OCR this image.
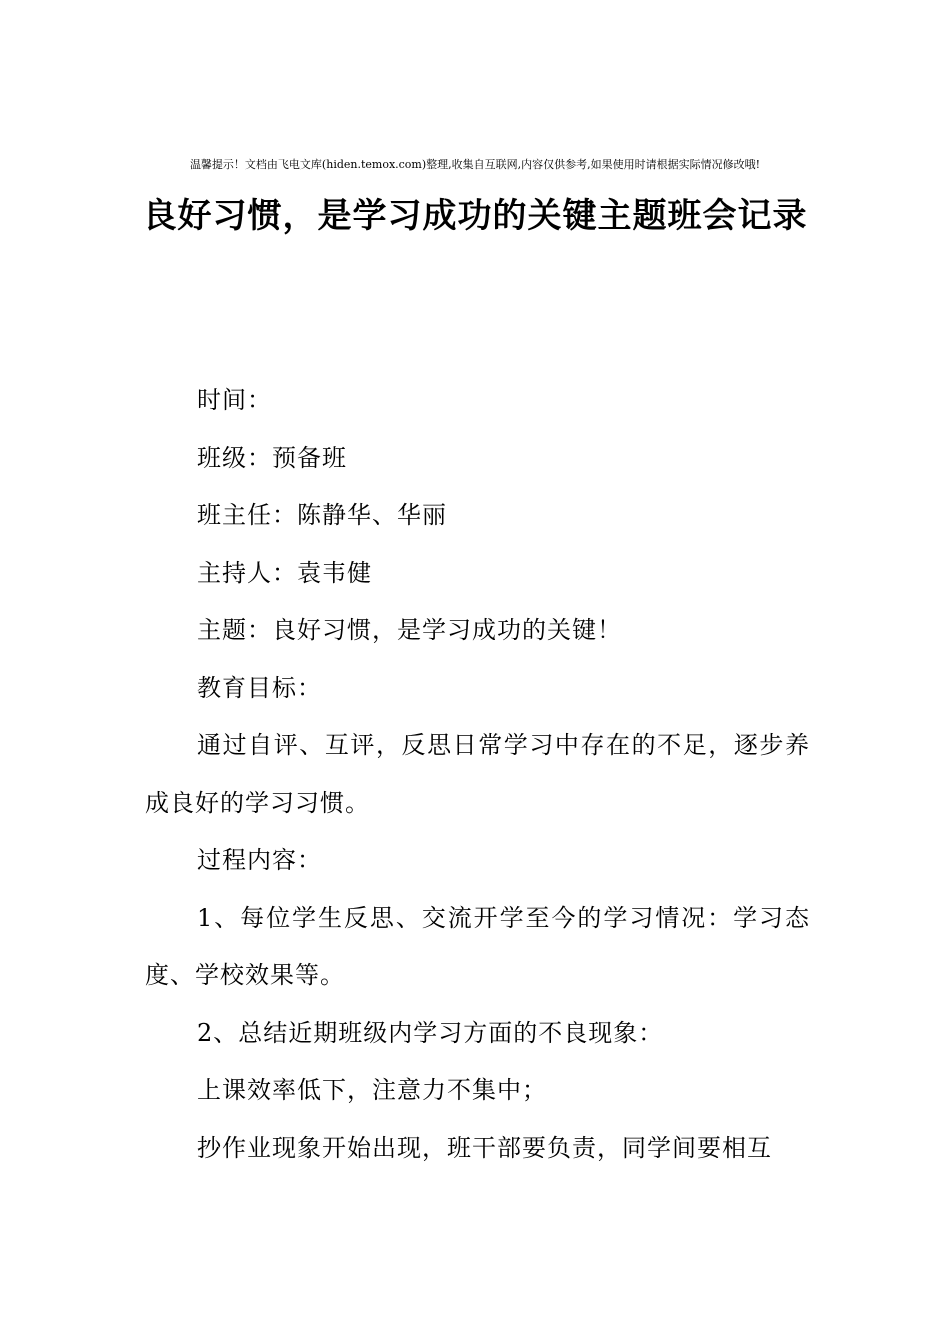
温馨提示！文档由飞电文库(hiden.temox.com)整理,收集自互联网,内容仅供参考,如果使用时请根据实际情况修改哦!
良好习惯，是学习成功的关键主题班会记录

时间：

班级：预备班

班主任：陈静华、华丽

主持人：袁韦健

主题：良好习惯，是学习成功的关键！

教育目标：

通过自评、互评，反思日常学习中存在的不足，逐步养成良好的学习习惯。

过程内容：

1、每位学生反思、交流开学至今的学习情况：学习态度、学校效果等。

2、总结近期班级内学习方面的不良现象：

上课效率低下，注意力不集中；

抄作业现象开始出现，班干部要负责，同学间要相互
